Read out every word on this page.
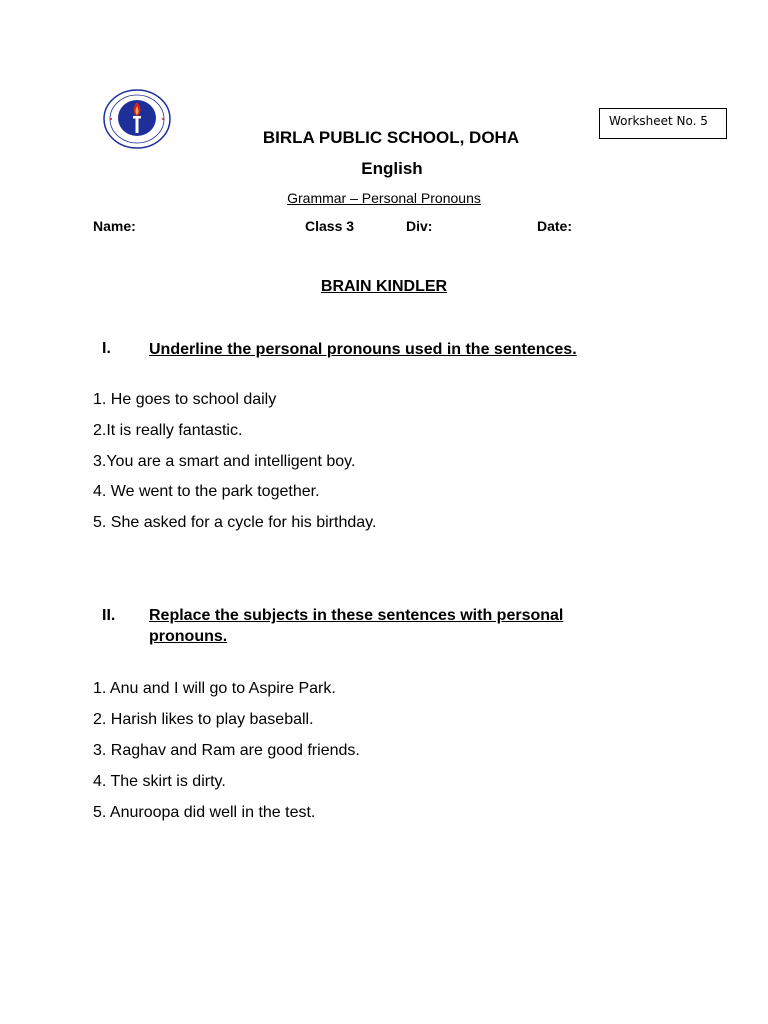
Worksheet No. 5
BIRLA PUBLIC SCHOOL, DOHA
English
Grammar – Personal Pronouns
Name:	Class 3	Div:	Date:
BRAIN KINDLER
I. Underline the personal pronouns used in the sentences.
1. He goes to school daily
2.It is really fantastic.
3.You are a smart and intelligent boy.
4. We went to the park together.
5. She asked for a cycle for his birthday.
II. Replace the subjects in these sentences with personal pronouns.
1. Anu and I will go to Aspire Park.
2. Harish likes to play baseball.
3. Raghav and Ram are good friends.
4. The skirt is dirty.
5. Anuroopa did well in the test.
